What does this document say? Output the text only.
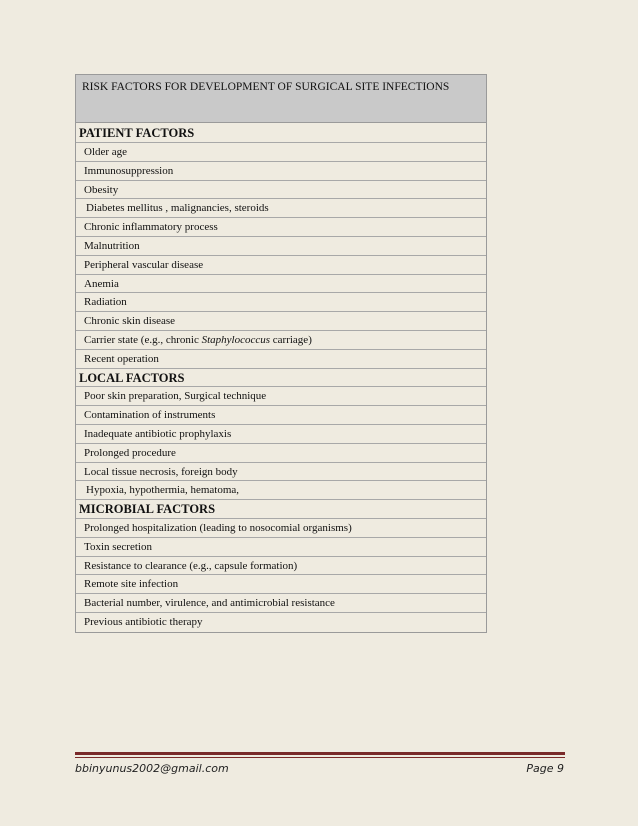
RISK FACTORS FOR DEVELOPMENT OF SURGICAL SITE INFECTIONS
PATIENT FACTORS
Older age
Immunosuppression
Obesity
Diabetes mellitus , malignancies, steroids
Chronic inflammatory process
Malnutrition
Peripheral vascular disease
Anemia
Radiation
Chronic skin disease
Carrier state (e.g., chronic Staphylococcus carriage)
Recent operation
LOCAL FACTORS
Poor skin preparation, Surgical technique
Contamination of instruments
Inadequate antibiotic prophylaxis
Prolonged procedure
Local tissue necrosis, foreign body
Hypoxia, hypothermia, hematoma,
MICROBIAL FACTORS
Prolonged hospitalization (leading to nosocomial organisms)
Toxin secretion
Resistance to clearance (e.g., capsule formation)
Remote site infection
Bacterial number, virulence, and antimicrobial resistance
Previous antibiotic therapy
bbinyunus2002@gmail.com	Page 9
